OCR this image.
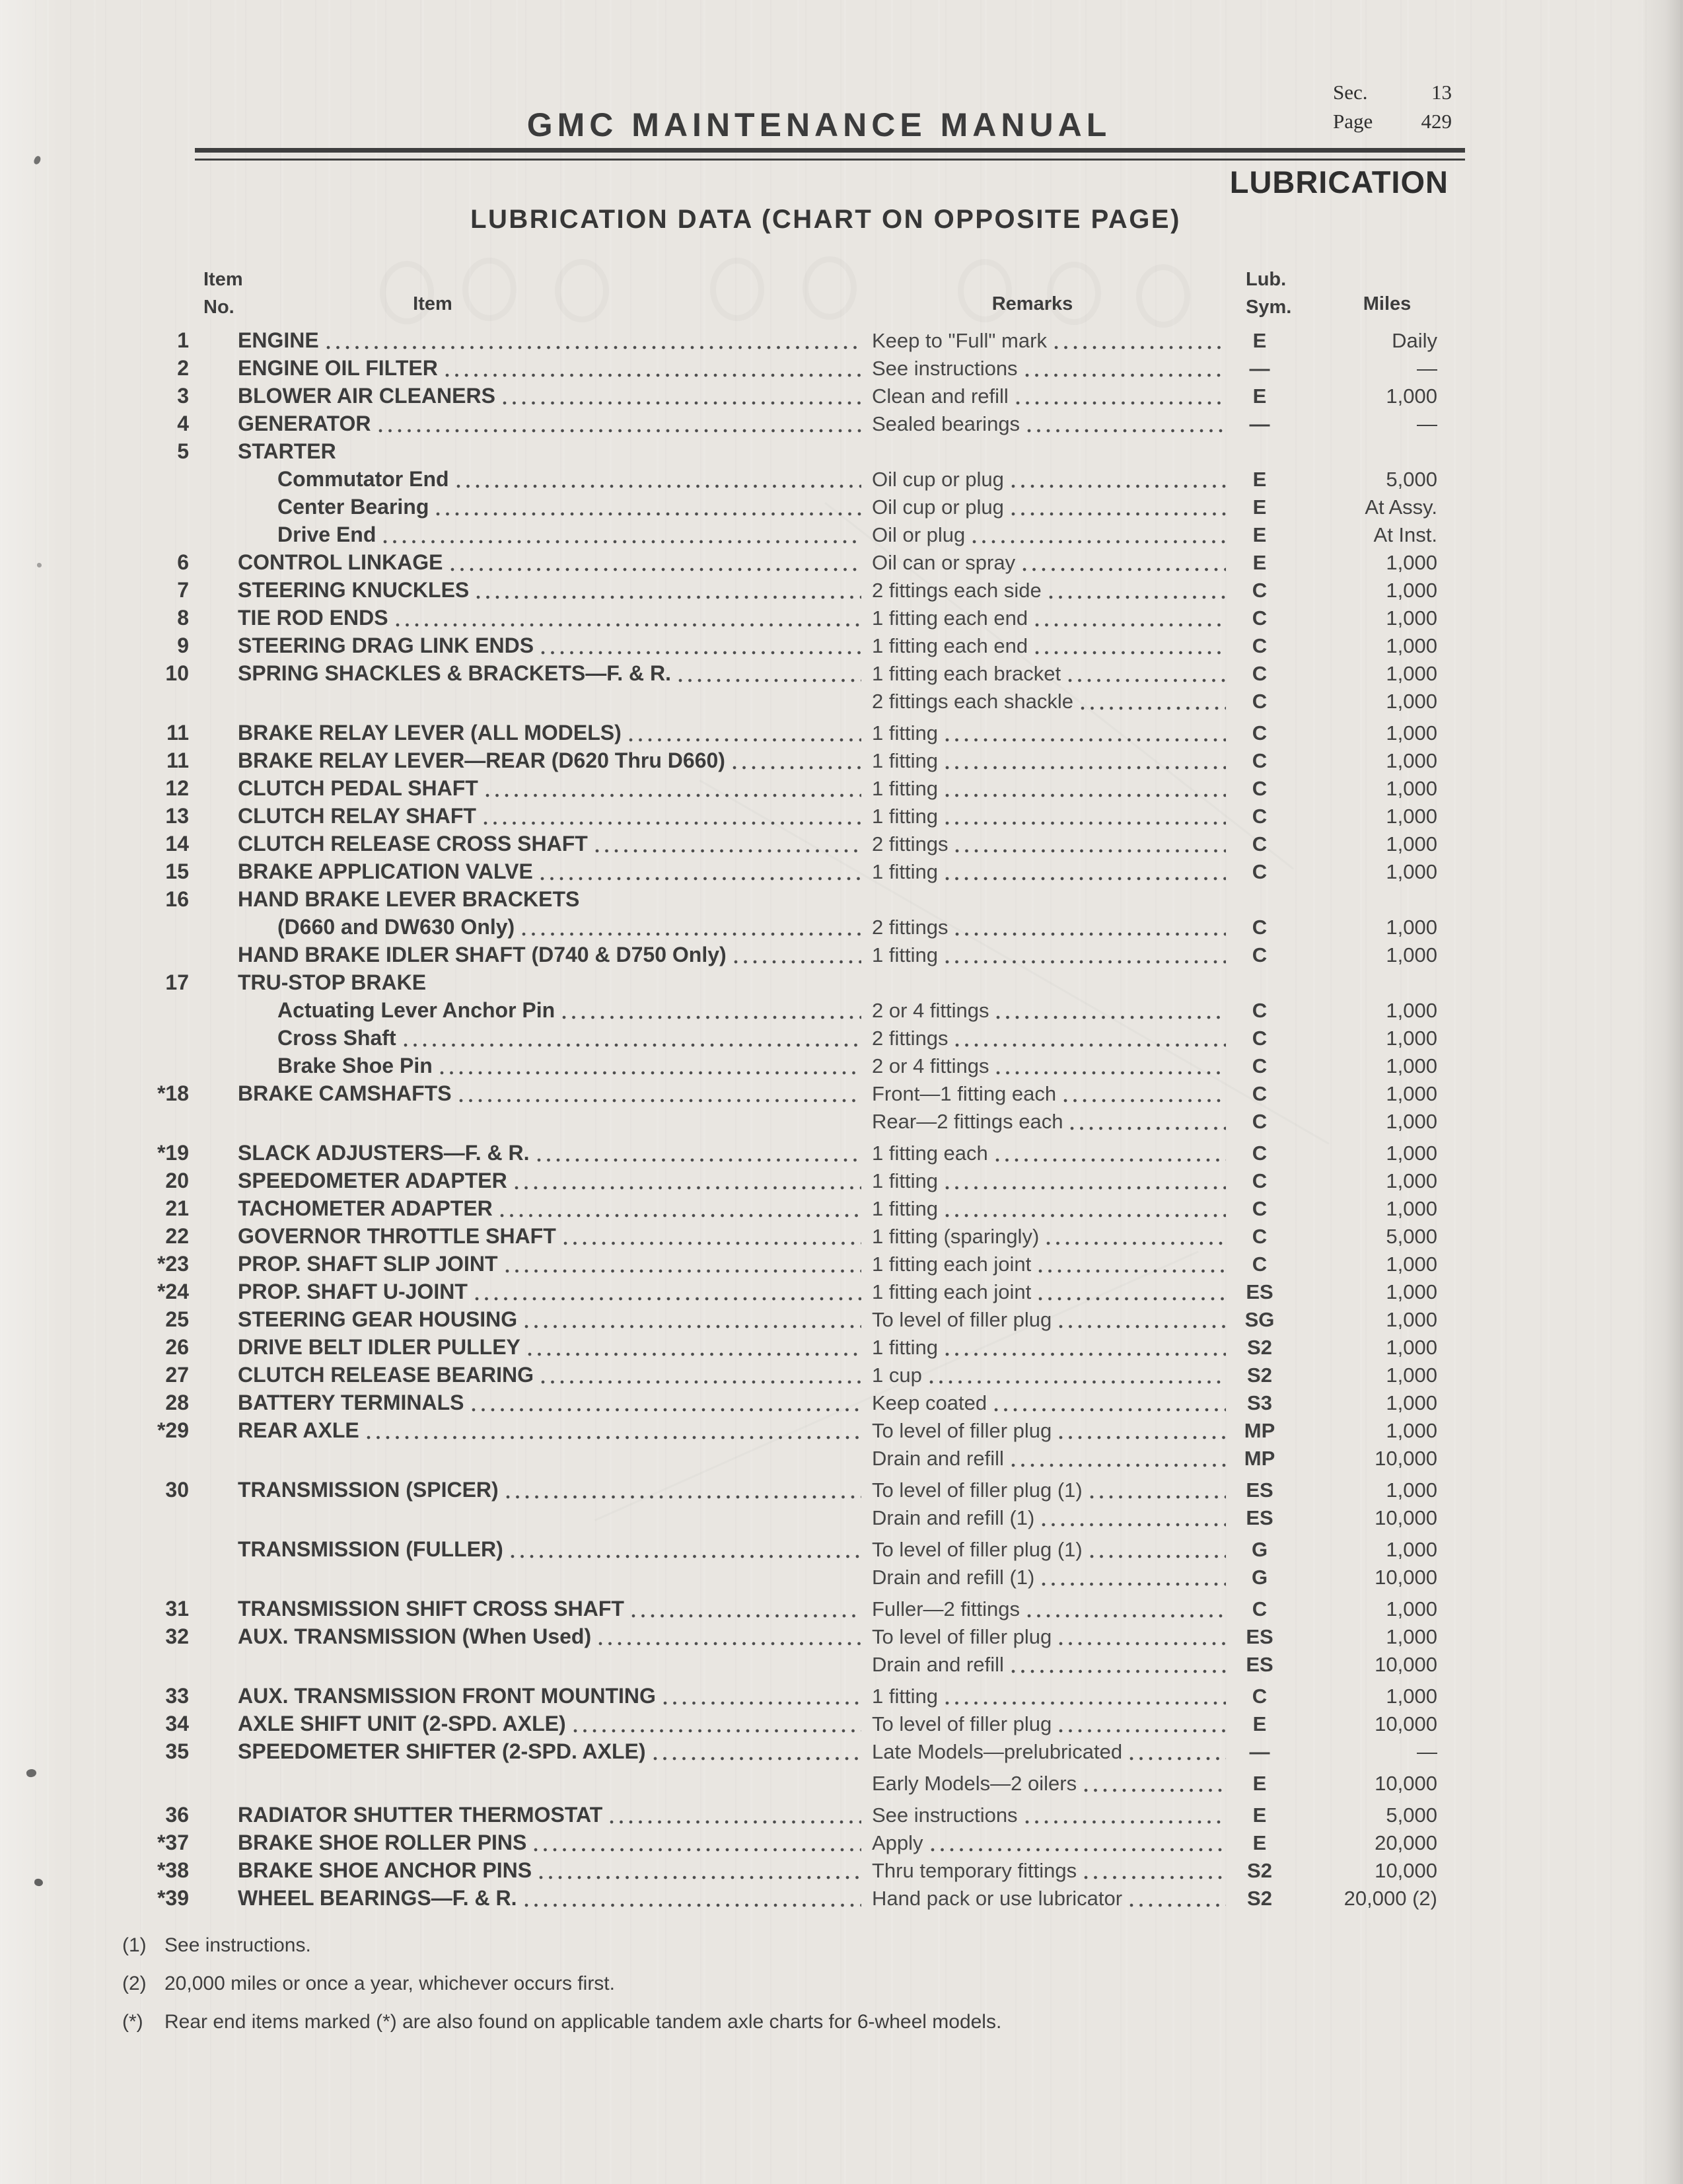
GMC MAINTENANCE MANUAL
Sec.	13
Page 429
LUBRICATION
LUBRICATION DATA (CHART ON OPPOSITE PAGE)
Item
No.	Item	Remarks
Lub.
Sym.	Miles
1 ENGINE	Keep to "Full" mark	E	Daily
2 ENGINE OIL FILTER	See instructions	—	—
3 BLOWER AIR CLEANERS	Clean and refill	E	1,000
4 GENERATOR	Sealed bearings	—	—
5 STARTER
Commutator End	Oil cup or plug	E	5,000
Center Bearing	Oil cup or plug	E	At Assy.
Drive End	Oil or plug	E	At Inst.
6 CONTROL LINKAGE	Oil can or spray	E	1,000
7 STEERING KNUCKLES	2 fittings each side	C	1,000
8 TIE ROD ENDS	1 fitting each end	C	1,000
9 STEERING DRAG LINK ENDS	1 fitting each end	C	1,000
10 SPRING SHACKLES & BRACKETS—F. & R.	1 fitting each bracket	C	1,000
2 fittings each shackle	C	1,000
11 BRAKE RELAY LEVER (ALL MODELS)	1 fitting	C	1,000
11 BRAKE RELAY LEVER—REAR (D620 Thru D660)	1 fitting	C	1,000
12 CLUTCH PEDAL SHAFT	1 fitting	C	1,000
13 CLUTCH RELAY SHAFT	1 fitting	C	1,000
14 CLUTCH RELEASE CROSS SHAFT	2 fittings	C	1,000
15 BRAKE APPLICATION VALVE	1 fitting	C	1,000
16 HAND BRAKE LEVER BRACKETS
(D660 and DW630 Only)	2 fittings	C	1,000
HAND BRAKE IDLER SHAFT (D740 & D750 Only)	1 fitting	C	1,000
17 TRU-STOP BRAKE
Actuating Lever Anchor Pin	2 or 4 fittings	C	1,000
Cross Shaft	2 fittings	C	1,000
Brake Shoe Pin	2 or 4 fittings	C	1,000
*18 BRAKE CAMSHAFTS	Front—1 fitting each	C	1,000
Rear—2 fittings each	C	1,000
*19 SLACK ADJUSTERS—F. & R.	1 fitting each	C	1,000
20 SPEEDOMETER ADAPTER	1 fitting	C	1,000
21 TACHOMETER ADAPTER	1 fitting	C	1,000
22 GOVERNOR THROTTLE SHAFT	1 fitting (sparingly)	C	5,000
*23 PROP. SHAFT SLIP JOINT	1 fitting each joint	C	1,000
*24 PROP. SHAFT U-JOINT	1 fitting each joint	ES	1,000
25 STEERING GEAR HOUSING	To level of filler plug	SG	1,000
26 DRIVE BELT IDLER PULLEY	1 fitting	S2	1,000
27 CLUTCH RELEASE BEARING	1 cup	S2	1,000
28 BATTERY TERMINALS	Keep coated	S3	1,000
*29 REAR AXLE	To level of filler plug	MP	1,000
Drain and refill	MP	10,000
30 TRANSMISSION (SPICER)	To level of filler plug (1)	ES	1,000
Drain and refill (1)	ES	10,000
TRANSMISSION (FULLER)	To level of filler plug (1)	G	1,000
Drain and refill (1)	G	10,000
31 TRANSMISSION SHIFT CROSS SHAFT	Fuller—2 fittings	C	1,000
32 AUX. TRANSMISSION (When Used)	To level of filler plug	ES	1,000
Drain and refill	ES	10,000
33 AUX. TRANSMISSION FRONT MOUNTING	1 fitting	C	1,000
34 AXLE SHIFT UNIT (2-SPD. AXLE)	To level of filler plug	E	10,000
35 SPEEDOMETER SHIFTER (2-SPD. AXLE)	Late Models—prelubricated	—	—
Early Models—2 oilers	E	10,000
36 RADIATOR SHUTTER THERMOSTAT	See instructions	E	5,000
*37 BRAKE SHOE ROLLER PINS	Apply	E	20,000
*38 BRAKE SHOE ANCHOR PINS	Thru temporary fittings	S2	10,000
*39 WHEEL BEARINGS—F. & R.	Hand pack or use lubricator	S2	20,000 (2)
(1) See instructions.
(2) 20,000 miles or once a year, whichever occurs first.
(*) Rear end items marked (*) are also found on applicable tandem axle charts for 6-wheel models.
